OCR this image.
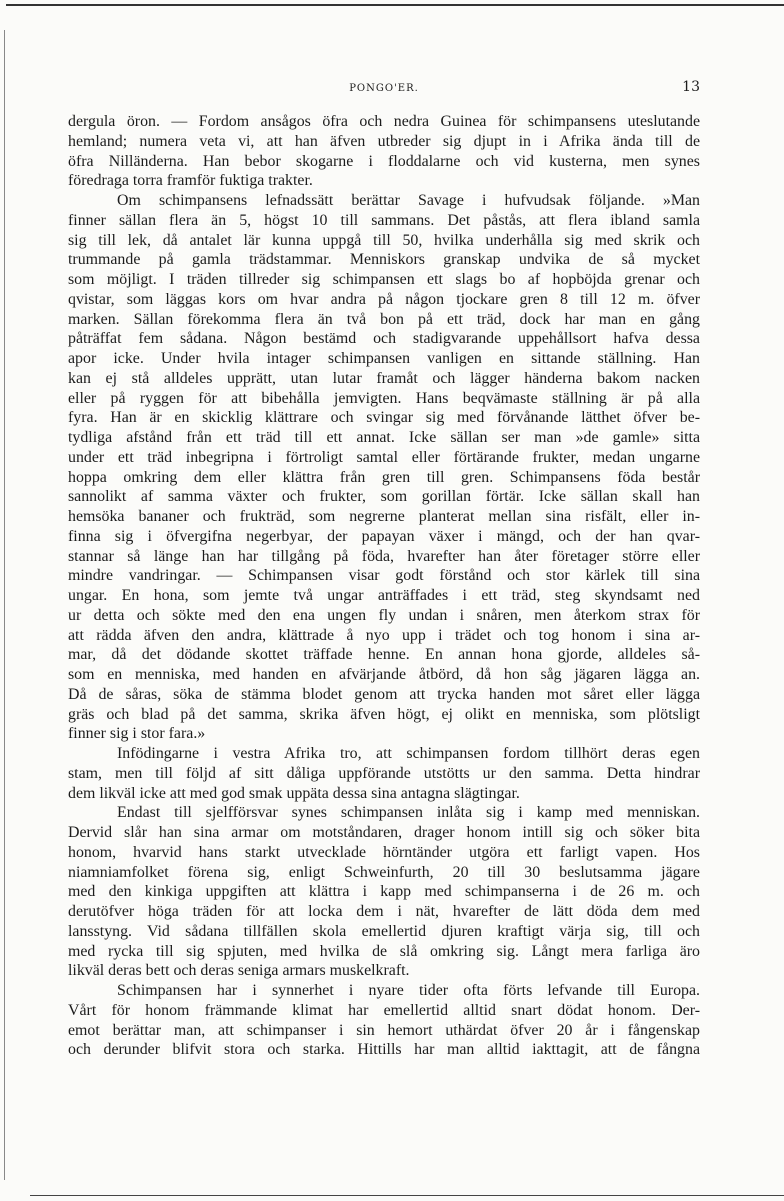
PONGO'ER.	13
dergula öron. — Fordom ansågos öfra och nedra Guinea för schimpansens uteslutande
hemland; numera veta vi, att han äfven utbreder sig djupt in i Afrika ända till de
öfra Nilländerna. Han bebor skogarne i floddalarne och vid kusterna, men synes
föredraga torra framför fuktiga trakter.
Om schimpansens lefnadssätt berättar Savage i hufvudsak följande. »Man
finner sällan flera än 5, högst 10 till sammans. Det påstås, att flera ibland samla
sig till lek, då antalet lär kunna uppgå till 50, hvilka underhålla sig med skrik och
trummande på gamla trädstammar. Menniskors granskap undvika de så mycket
som möjligt. I träden tillreder sig schimpansen ett slags bo af hopböjda grenar och
qvistar, som läggas kors om hvar andra på någon tjockare gren 8 till 12 m. öfver
marken. Sällan förekomma flera än två bon på ett träd, dock har man en gång
påträffat fem sådana. Någon bestämd och stadigvarande uppehållsort hafva dessa
apor icke. Under hvila intager schimpansen vanligen en sittande ställning. Han
kan ej stå alldeles upprätt, utan lutar framåt och lägger händerna bakom nacken
eller på ryggen för att bibehålla jemvigten. Hans beqvämaste ställning är på alla
fyra. Han är en skicklig klättrare och svingar sig med förvånande lätthet öfver be-
tydliga afstånd från ett träd till ett annat. Icke sällan ser man »de gamle» sitta
under ett träd inbegripna i förtroligt samtal eller förtärande frukter, medan ungarne
hoppa omkring dem eller klättra från gren till gren. Schimpansens föda består
sannolikt af samma växter och frukter, som gorillan förtär. Icke sällan skall han
hemsöka bananer och frukträd, som negrerne planterat mellan sina risfält, eller in-
finna sig i öfvergifna negerbyar, der papayan växer i mängd, och der han qvar-
stannar så länge han har tillgång på föda, hvarefter han åter företager större eller
mindre vandringar. — Schimpansen visar godt förstånd och stor kärlek till sina
ungar. En hona, som jemte två ungar anträffades i ett träd, steg skyndsamt ned
ur detta och sökte med den ena ungen fly undan i snåren, men återkom strax för
att rädda äfven den andra, klättrade å nyo upp i trädet och tog honom i sina ar-
mar, då det dödande skottet träffade henne. En annan hona gjorde, alldeles så-
som en menniska, med handen en afvärjande åtbörd, då hon såg jägaren lägga an.
Då de såras, söka de stämma blodet genom att trycka handen mot såret eller lägga
gräs och blad på det samma, skrika äfven högt, ej olikt en menniska, som plötsligt
finner sig i stor fara.»
Infödingarne i vestra Afrika tro, att schimpansen fordom tillhört deras egen
stam, men till följd af sitt dåliga uppförande utstötts ur den samma. Detta hindrar
dem likväl icke att med god smak uppäta dessa sina antagna slägtingar.
Endast till sjelfförsvar synes schimpansen inlåta sig i kamp med menniskan.
Dervid slår han sina armar om motståndaren, drager honom intill sig och söker bita
honom, hvarvid hans starkt utvecklade hörntänder utgöra ett farligt vapen. Hos
niamniamfolket förena sig, enligt Schweinfurth, 20 till 30 beslutsamma jägare
med den kinkiga uppgiften att klättra i kapp med schimpanserna i de 26 m. och
derutöfver höga träden för att locka dem i nät, hvarefter de lätt döda dem med
lansstyng. Vid sådana tillfällen skola emellertid djuren kraftigt värja sig, till och
med rycka till sig spjuten, med hvilka de slå omkring sig. Långt mera farliga äro
likväl deras bett och deras seniga armars muskelkraft.
Schimpansen har i synnerhet i nyare tider ofta förts lefvande till Europa.
Vårt för honom främmande klimat har emellertid alltid snart dödat honom. Der-
emot berättar man, att schimpanser i sin hemort uthärdat öfver 20 år i fångenskap
och derunder blifvit stora och starka. Hittills har man alltid iakttagit, att de fångna
